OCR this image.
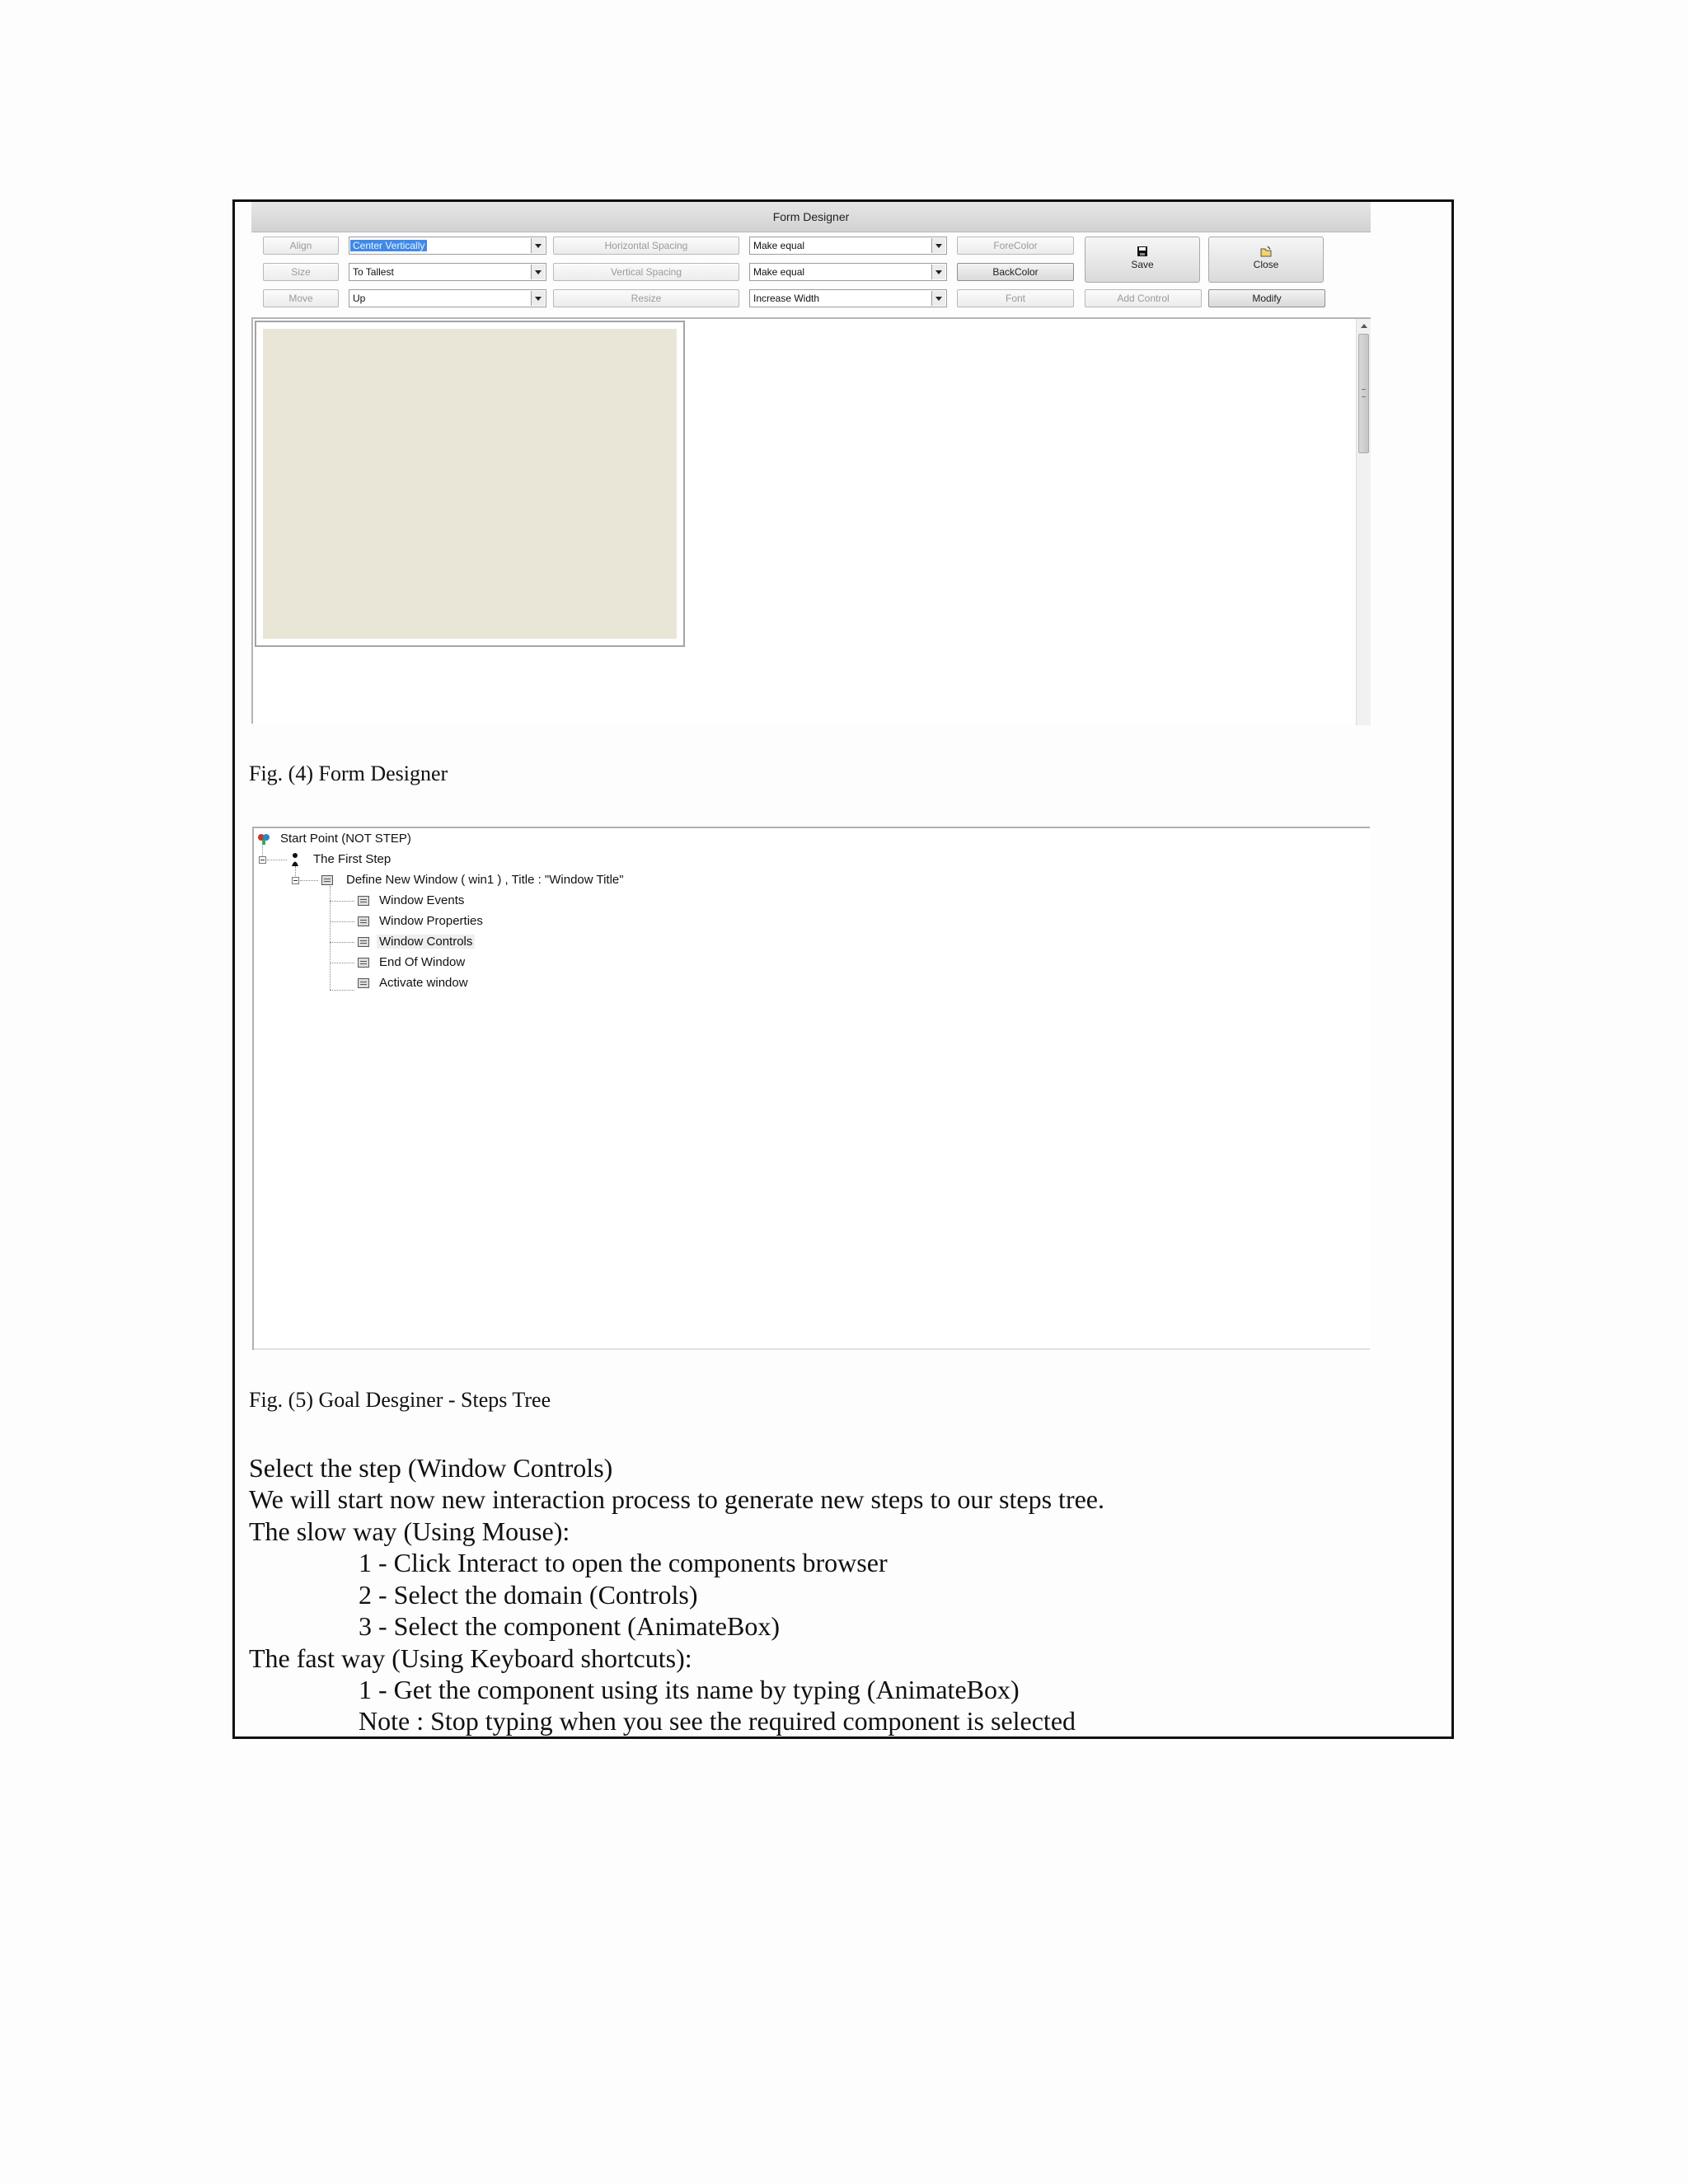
Form Designer
Align	Center Vertically	Horizontal Spacing	Make equal	ForeColor
Size	To Tallest	Vertical Spacing	Make equal	BackColor
Move	Up	Resize	Increase Width	Font	Add Control	Modify
Save	Close
Fig. (4) Form Designer
Start Point (NOT STEP)
The First Step
Define New Window ( win1 ) , Title : "Window Title"
Window Events
Window Properties
Window Controls
End Of Window
Activate window
Fig. (5) Goal Desginer - Steps Tree
Select the step (Window Controls)
We will start now new interaction process to generate new steps to our steps tree.
The slow way (Using Mouse):
1 - Click Interact to open the components browser
2 - Select the domain (Controls)
3 - Select the component (AnimateBox)
The fast way (Using Keyboard shortcuts):
1 - Get the component using its name by typing (AnimateBox)
Note : Stop typing when you see the required component is selected
